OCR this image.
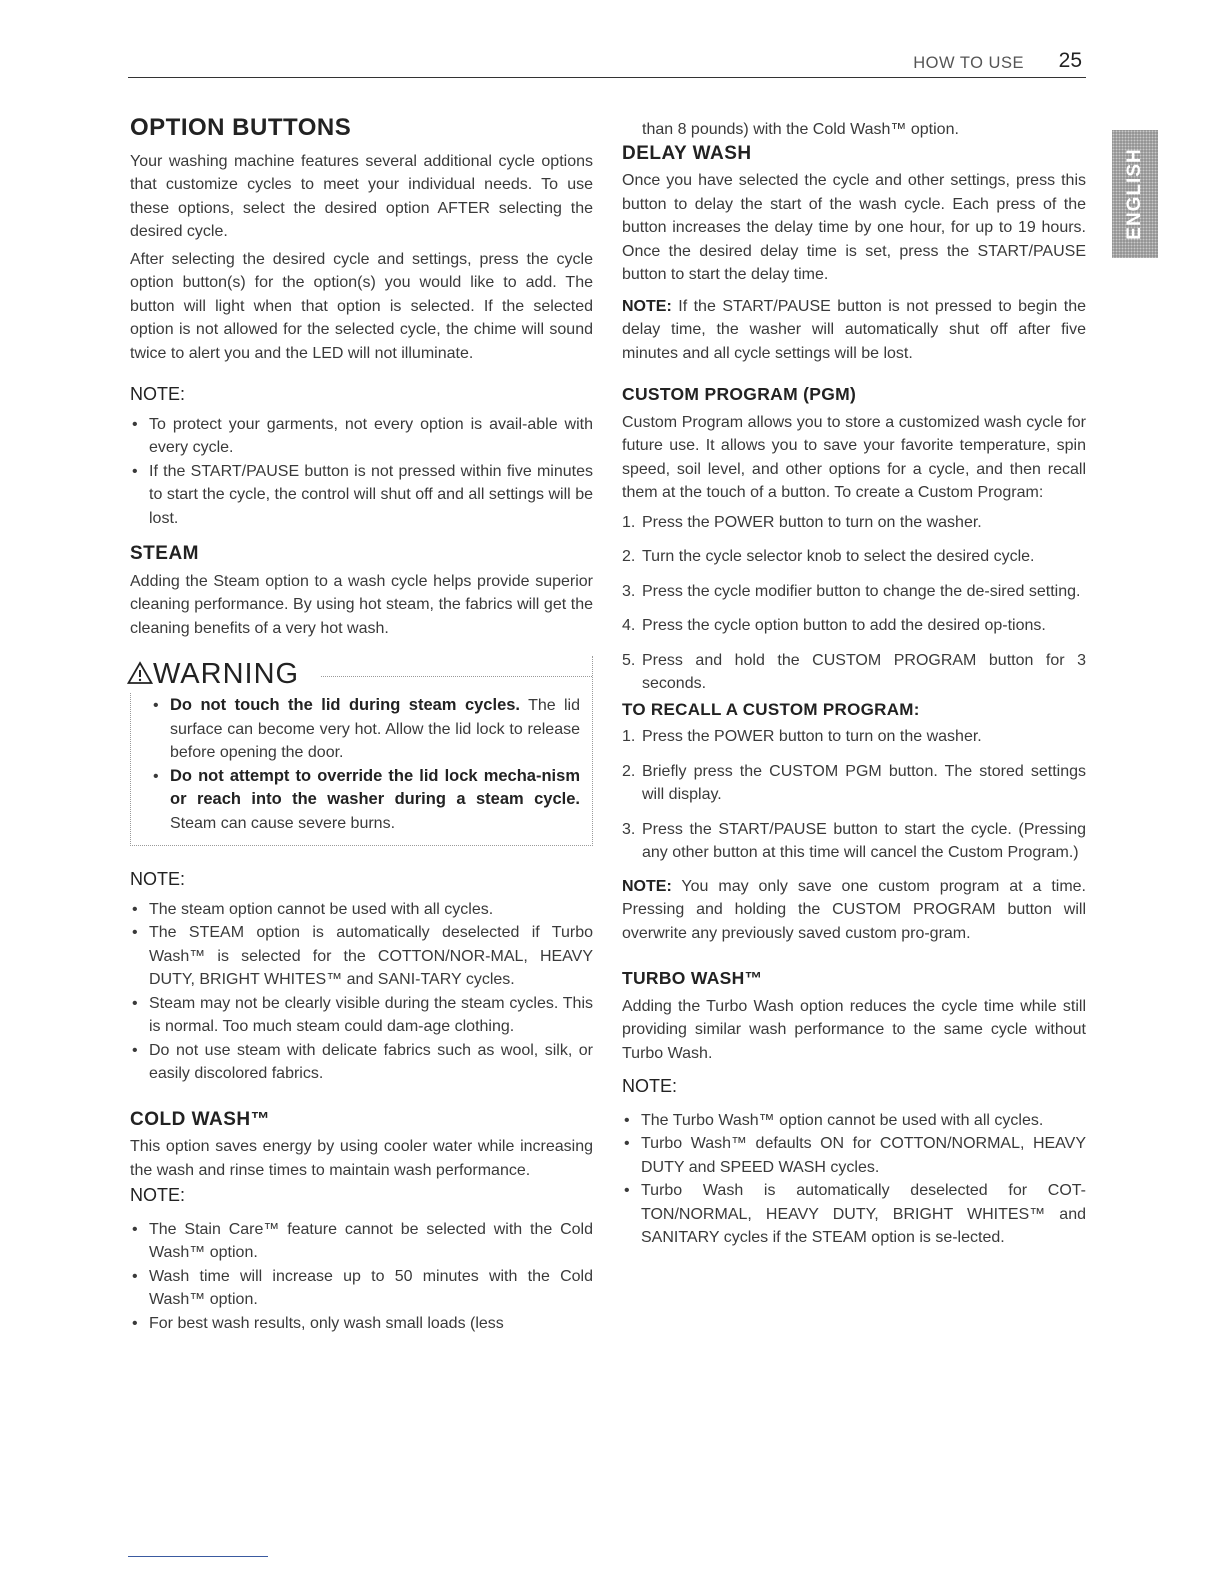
HOW TO USE 25
ENGLISH
OPTION BUTTONS

Your washing machine features several additional cycle options that customize cycles to meet your individual needs. To use these options, select the desired option AFTER selecting the desired cycle.

After selecting the desired cycle and settings, press the cycle option button(s) for the option(s) you would like to add. The button will light when that option is selected. If the selected option is not allowed for the selected cycle, the chime will sound twice to alert you and the LED will not illuminate.

NOTE:
• To protect your garments, not every option is avail-able with every cycle.
• If the START/PAUSE button is not pressed within five minutes to start the cycle, the control will shut off and all settings will be lost.
STEAM

Adding the Steam option to a wash cycle helps provide superior cleaning performance. By using hot steam, the fabrics will get the cleaning benefits of a very hot wash.

WARNING
• Do not touch the lid during steam cycles. The lid surface can become very hot. Allow the lid lock to release before opening the door.
• Do not attempt to override the lid lock mecha-nism or reach into the washer during a steam cycle. Steam can cause severe burns.
NOTE:
• The steam option cannot be used with all cycles.
• The STEAM option is automatically deselected if Turbo Wash™ is selected for the COTTON/NOR-MAL, HEAVY DUTY, BRIGHT WHITES™ and SANI-TARY cycles.
• Steam may not be clearly visible during the steam cycles. This is normal. Too much steam could dam-age clothing.
• Do not use steam with delicate fabrics such as wool, silk, or easily discolored fabrics.
COLD WASH™

This option saves energy by using cooler water while increasing the wash and rinse times to maintain wash performance.

NOTE:
• The Stain Care™ feature cannot be selected with the Cold Wash™ option.
• Wash time will increase up to 50 minutes with the Cold Wash™ option.
• For best wash results, only wash small loads (less

than 8 pounds) with the Cold Wash™ option.

DELAY WASH

Once you have selected the cycle and other settings, press this button to delay the start of the wash cycle. Each press of the button increases the delay time by one hour, for up to 19 hours. Once the desired delay time is set, press the START/PAUSE button to start the delay time.

NOTE: If the START/PAUSE button is not pressed to begin the delay time, the washer will automatically shut off after five minutes and all cycle settings will be lost.

CUSTOM PROGRAM (PGM)

Custom Program allows you to store a customized wash cycle for future use. It allows you to save your favorite temperature, spin speed, soil level, and other options for a cycle, and then recall them at the touch of a button. To create a Custom Program:

1. Press the POWER button to turn on the washer.
2. Turn the cycle selector knob to select the desired cycle.
3. Press the cycle modifier button to change the de-sired setting.
4. Press the cycle option button to add the desired op-tions.
5. Press and hold the CUSTOM PROGRAM button for 3 seconds.
TO RECALL A CUSTOM PROGRAM:
1. Press the POWER button to turn on the washer.
2. Briefly press the CUSTOM PGM button. The stored settings will display.
3. Press the START/PAUSE button to start the cycle. (Pressing any other button at this time will cancel the Custom Program.)

NOTE: You may only save one custom program at a time. Pressing and holding the CUSTOM PROGRAM button will overwrite any previously saved custom pro-gram.

TURBO WASH™

Adding the Turbo Wash option reduces the cycle time while still providing similar wash performance to the same cycle without Turbo Wash.

NOTE:
• The Turbo Wash™ option cannot be used with all cycles.
• Turbo Wash™ defaults ON for COTTON/NORMAL, HEAVY DUTY and SPEED WASH cycles.
• Turbo Wash is automatically deselected for COT-TON/NORMAL, HEAVY DUTY, BRIGHT WHITES™ and SANITARY cycles if the STEAM option is se-lected.
